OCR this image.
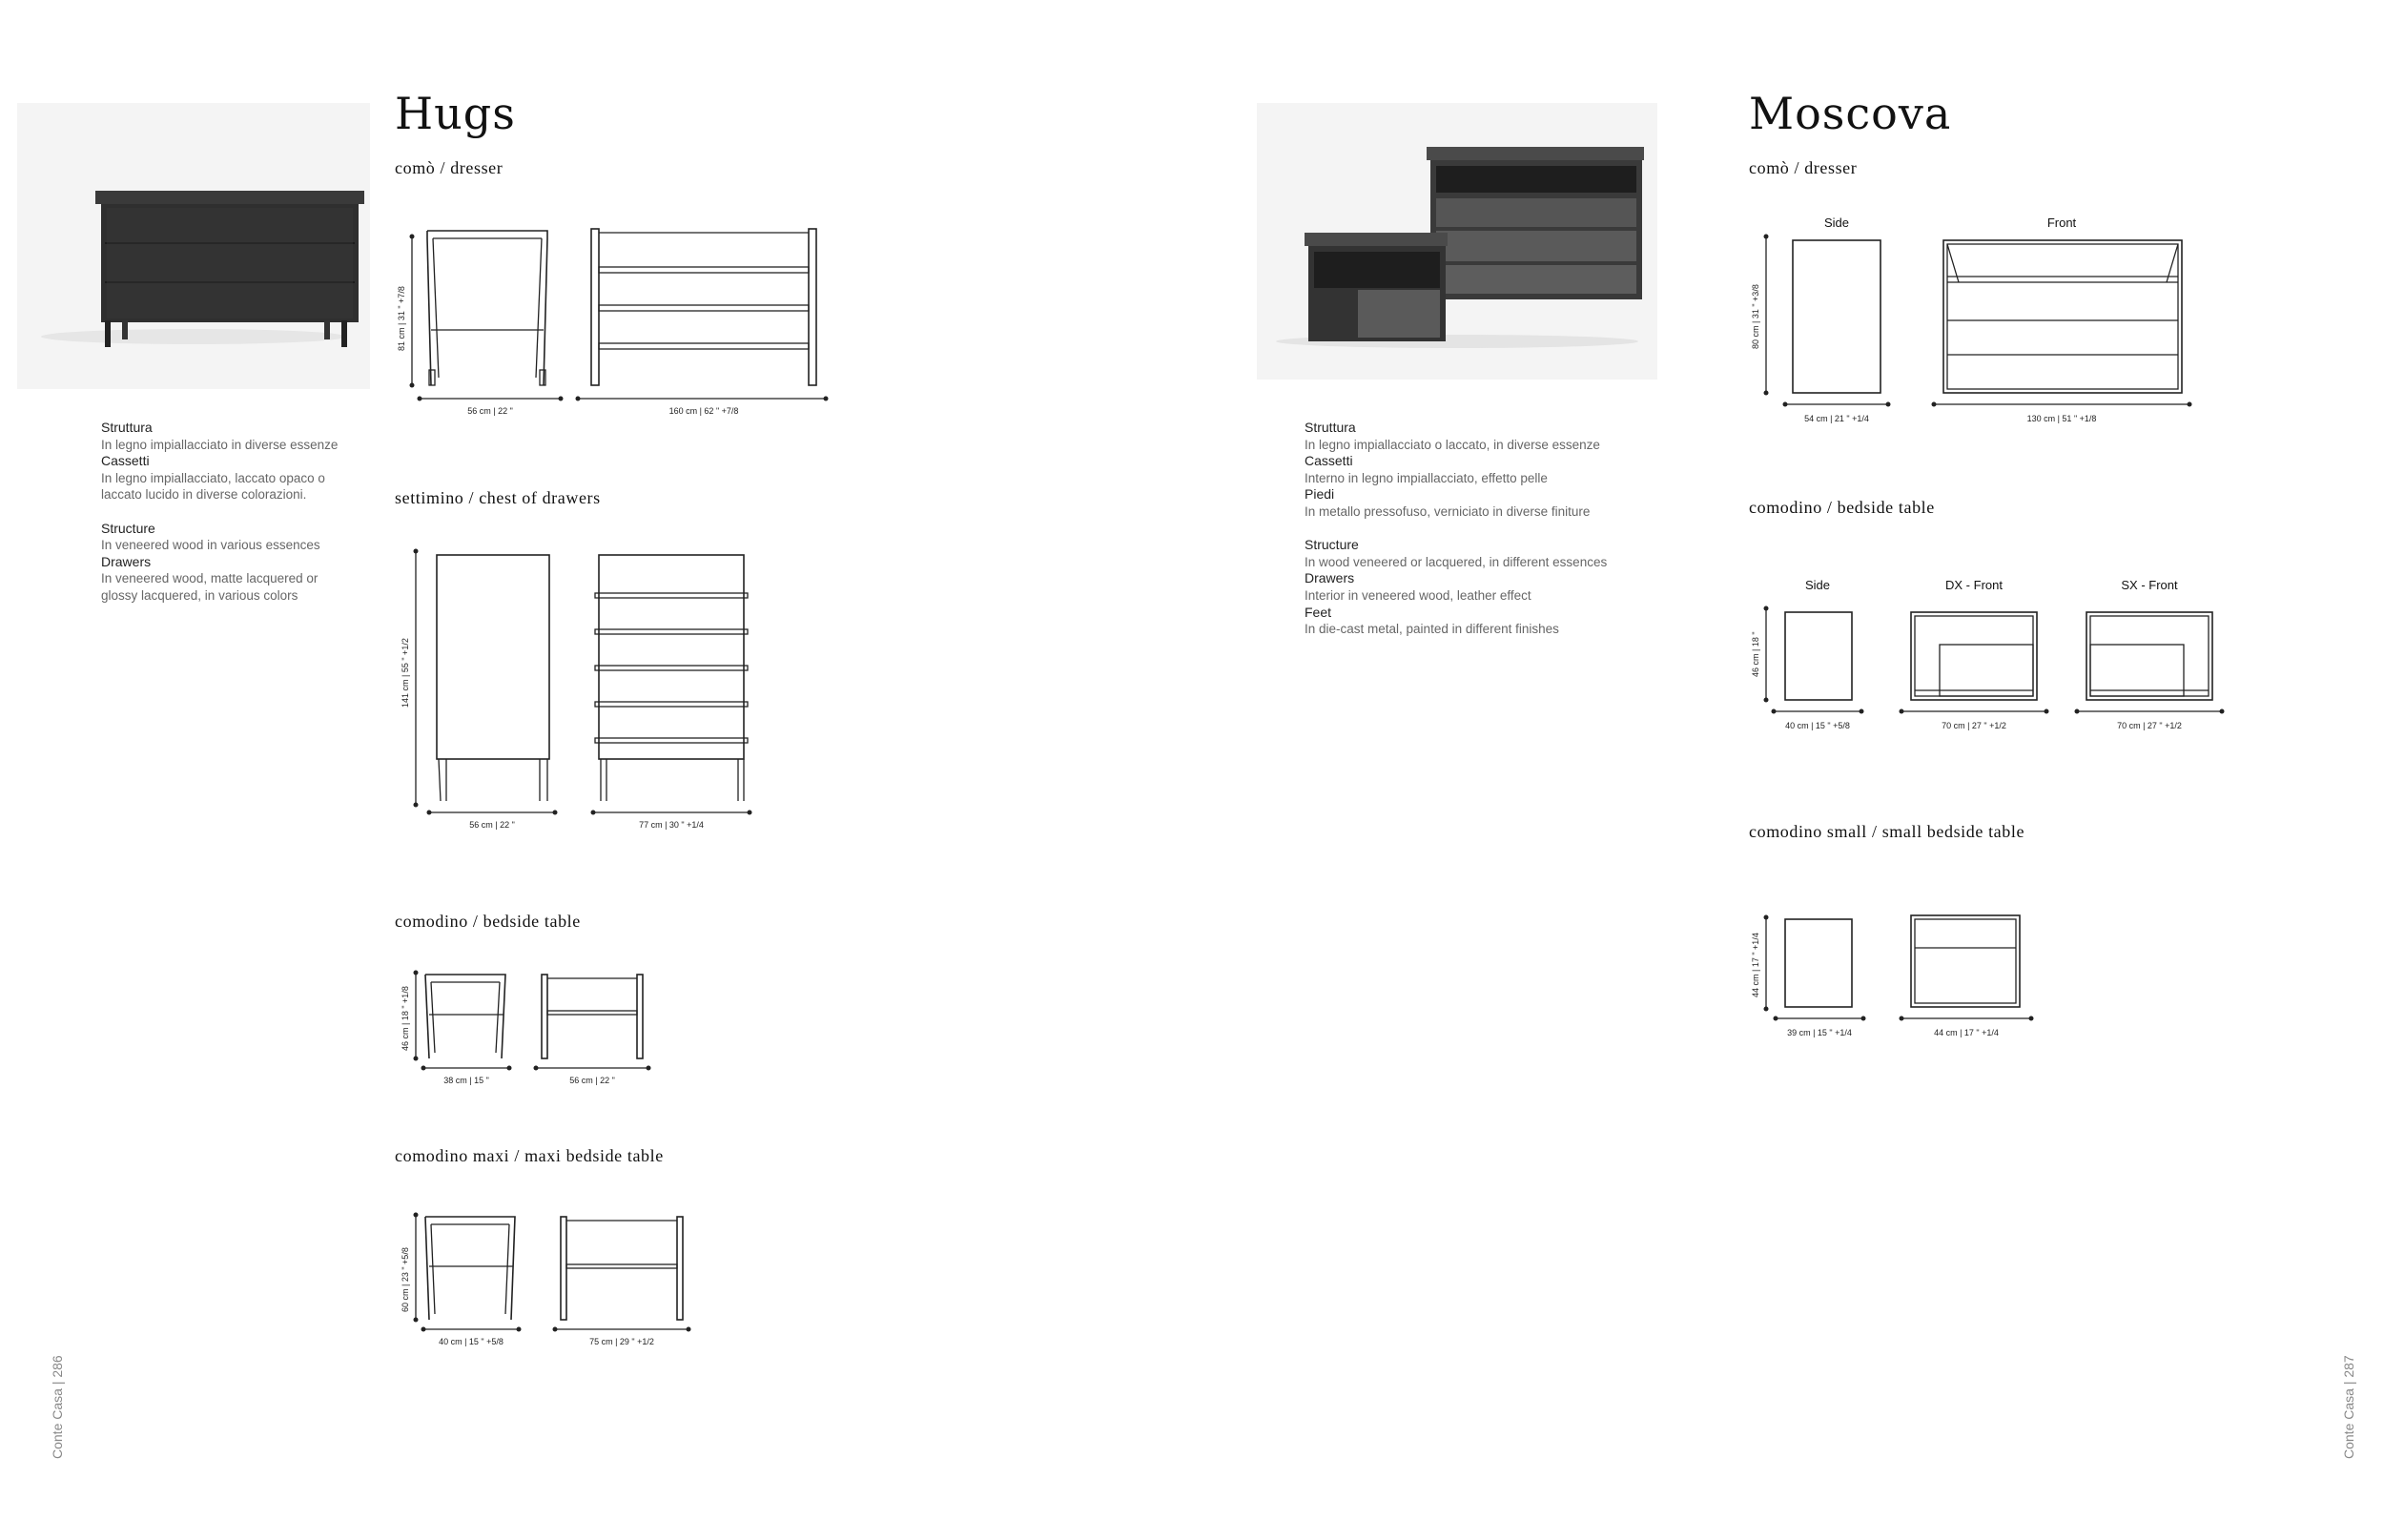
Hugs
Struttura
In legno impiallacciato in diverse essenze
Cassetti
In legno impiallacciato, laccato opaco o laccato lucido in diverse colorazioni.
Structure
In veneered wood in various essences
Drawers
In veneered wood, matte lacquered or glossy lacquered, in various colors
comò / dresser
81 cm | 31 " +7/8
56 cm | 22 "	160 cm | 62 " +7/8
settimino / chest of drawers
141 cm | 55 " +1/2
56 cm | 22 "	77 cm | 30 " +1/4
comodino / bedside table
46 cm | 18 " +1/8
38 cm | 15 "	56 cm | 22 "
comodino maxi / maxi bedside table
60 cm | 23 " +5/8
40 cm | 15 " +5/8	75 cm | 29 " +1/2
Conte Casa | 286
Moscova
Struttura
In legno impiallacciato o laccato, in diverse essenze
Cassetti
Interno in legno impiallacciato, effetto pelle
Piedi
In metallo pressofuso, verniciato in diverse finiture
Structure
In wood veneered or lacquered, in different essences
Drawers
Interior in veneered wood, leather effect
Feet
In die-cast metal, painted in different finishes
comò / dresser
Side	Front
80 cm | 31 " +3/8
54 cm | 21 " +1/4	130 cm | 51 " +1/8
comodino / bedside table
Side	DX - Front	SX - Front
46 cm | 18 "
40 cm | 15 " +5/8	70 cm | 27 " +1/2	70 cm | 27 " +1/2
comodino small / small bedside table
44 cm | 17 " +1/4
39 cm | 15 " +1/4	44 cm | 17 " +1/4
Conte Casa | 287
